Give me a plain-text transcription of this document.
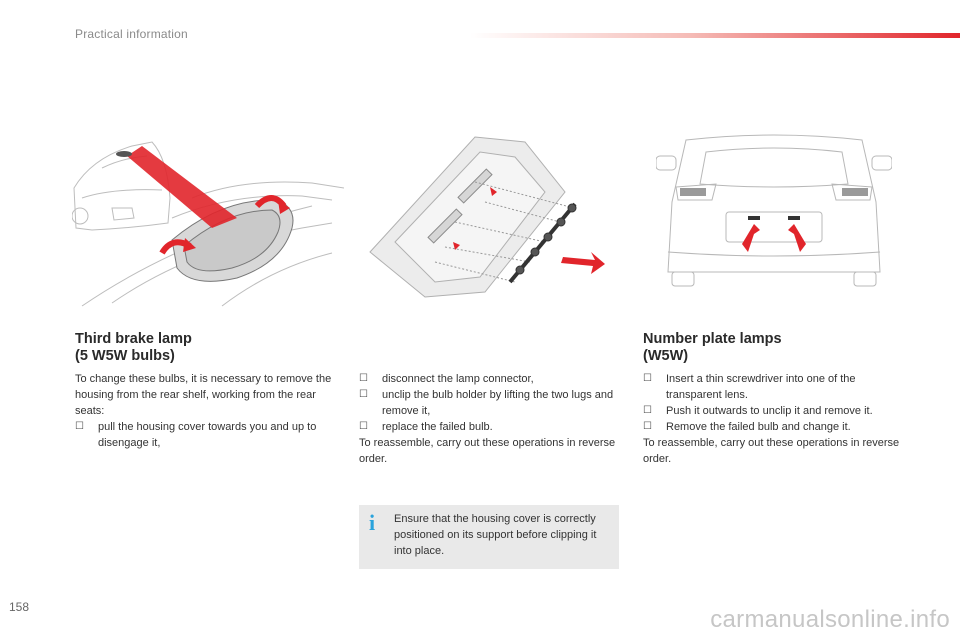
Practical information
Third brake lamp
(5 W5W bulbs)

To change these bulbs, it is necessary to remove the housing from the rear shelf, working from the rear seats:

☐ pull the housing cover towards you and up to disengage it,

☐ disconnect the lamp connector,

☐ unclip the bulb holder by lifting the two lugs and remove it,

☐ replace the failed bulb.

To reassemble, carry out these operations in reverse order.

i Ensure that the housing cover is correctly positioned on its support before clipping it into place.
Number plate lamps
(W5W)

☐ Insert a thin screwdriver into one of the transparent lens.

☐ Push it outwards to unclip it and remove it.

☐ Remove the failed bulb and change it.

To reassemble, carry out these operations in reverse order.

158	carmanualsonline.info
